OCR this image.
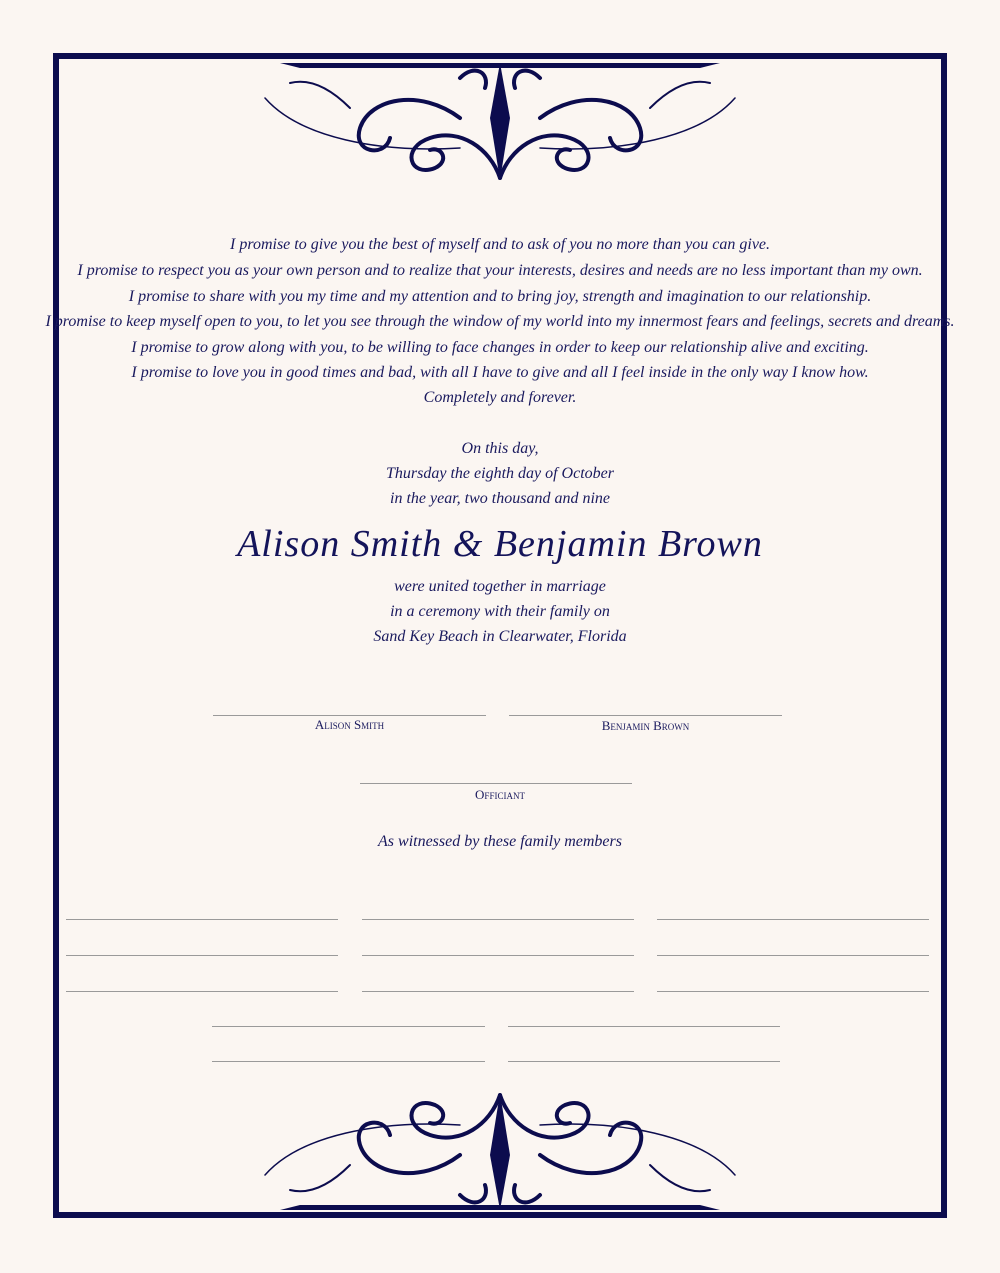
I promise to give you the best of myself and to ask of you no more than you can give.
I promise to respect you as your own person and to realize that your interests, desires and needs are no less important than my own.
I promise to share with you my time and my attention and to bring joy, strength and imagination to our relationship.
I promise to keep myself open to you, to let you see through the window of my world into my innermost fears and feelings, secrets and dreams.
I promise to grow along with you, to be willing to face changes in order to keep our relationship alive and exciting.
I promise to love you in good times and bad, with all I have to give and all I feel inside in the only way I know how.
Completely and forever.
On this day,
Thursday the eighth day of October
in the year, two thousand and nine
Alison Smith & Benjamin Brown
were united together in marriage
in a ceremony with their family on
Sand Key Beach in Clearwater, Florida
Alison Smith	Benjamin Brown
Officiant
As witnessed by these family members
